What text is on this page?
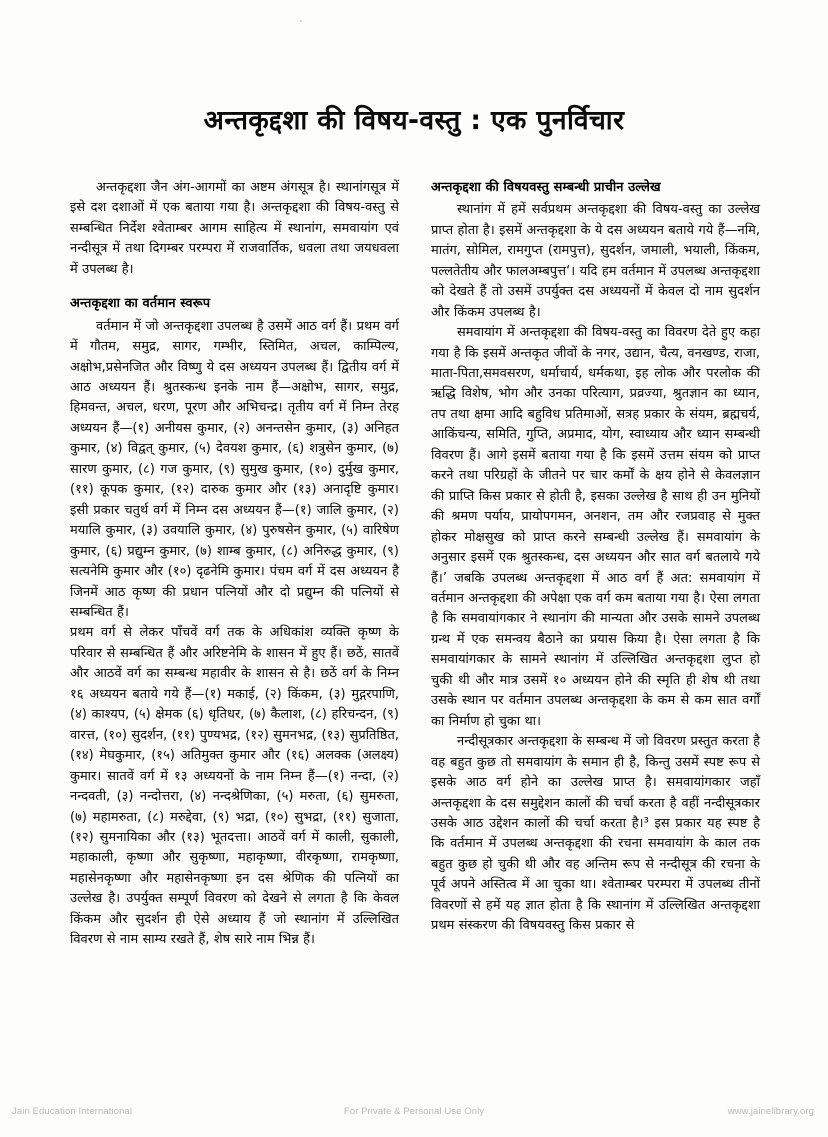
अन्तकृद्दशा की विषय-वस्तु : एक पुनर्विचार

अन्तकृद्दशा जैन अंग-आगमों का अष्टम अंगसूत्र है। स्थानांगसूत्र में इसे दश दशाओं में एक बताया गया है। अन्तकृद्दशा की विषय-वस्तु से सम्बन्धित निर्देश श्वेताम्बर आगम साहित्य में स्थानांग, समवायांग एवं नन्दीसूत्र में तथा दिगम्बर परम्परा में राजवार्तिक, धवला तथा जयधवला में उपलब्ध है।

अन्तकृद्दशा का वर्तमान स्वरूप

वर्तमान में जो अन्तकृद्दशा उपलब्ध है उसमें आठ वर्ग हैं। प्रथम वर्ग में गौतम, समुद्र, सागर, गम्भीर, स्तिमित, अचल, काम्पिल्य, अक्षोभ,प्रसेनजित और विष्णु ये दस अध्ययन उपलब्ध हैं। द्वितीय वर्ग में आठ अध्ययन हैं। श्रुतस्कन्ध इनके नाम हैं—अक्षोभ, सागर, समुद्र, हिमवन्त, अचल, धरण, पूरण और अभिचन्द्र। तृतीय वर्ग में निम्न तेरह अध्ययन हैं—(१) अनीयस कुमार, (२) अनन्तसेन कुमार, (३) अनिहत कुमार, (४) विद्वत् कुमार, (५) देवयश कुमार, (६) शत्रुसेन कुमार, (७) सारण कुमार, (८) गज कुमार, (९) सुमुख कुमार, (१०) दुर्मुख कुमार, (११) कूपक कुमार, (१२) दारुक कुमार और (१३) अनादृष्टि कुमार। इसी प्रकार चतुर्थ वर्ग में निम्न दस अध्ययन हैं—(१) जालि कुमार, (२) मयालि कुमार, (३) उवयालि कुमार, (४) पुरुषसेन कुमार, (५) वारिषेण कुमार, (६) प्रद्युम्न कुमार, (७) शाम्ब कुमार, (८) अनिरुद्ध कुमार, (९) सत्यनेमि कुमार और (१०) दृढनेमि कुमार। पंचम वर्ग में दस अध्ययन है जिनमें आठ कृष्ण की प्रधान पत्नियों और दो प्रद्युम्न की पत्नियों से सम्बन्धित हैं।

प्रथम वर्ग से लेकर पाँचवें वर्ग तक के अधिकांश व्यक्ति कृष्ण के परिवार से सम्बन्धित हैं और अरिष्टनेमि के शासन में हुए हैं। छठें, सातवें और आठवें वर्ग का सम्बन्ध महावीर के शासन से है। छठें वर्ग के निम्न १६ अध्ययन बताये गये हैं—(१) मकाई, (२) किंकम, (३) मुद्गरपाणि, (४) काश्यप, (५) क्षेमक (६) धृतिधर, (७) कैलाश, (८) हरिचन्दन, (९) वारत्त, (१०) सुदर्शन, (११) पुण्यभद्र, (१२) सुमनभद्र, (१३) सुप्रतिष्ठित, (१४) मेघकुमार, (१५) अतिमुक्त कुमार और (१६) अलक्क (अलक्ष्य) कुमार। सातवें वर्ग में १३ अध्ययनों के नाम निम्न हैं—(१) नन्दा, (२) नन्दवती, (३) नन्दोत्तरा, (४) नन्दश्रेणिका, (५) मरुता, (६) सुमरुता, (७) महामरुता, (८) मरुद्देवा, (९) भद्रा, (१०) सुभद्रा, (११) सुजाता, (१२) सुमनायिका और (१३) भूतदत्ता। आठवें वर्ग में काली, सुकाली, महाकाली, कृष्णा और सुकृष्णा, महाकृष्णा, वीरकृष्णा, रामकृष्णा, महासेनकृष्णा और महासेनकृष्णा इन दस श्रेणिक की पत्नियों का उल्लेख है। उपर्युक्त सम्पूर्ण विवरण को देखने से लगता है कि केवल किंकम और सुदर्शन ही ऐसे अध्याय हैं जो स्थानांग में उल्लिखित विवरण से नाम साम्य रखते हैं, शेष सारे नाम भिन्न हैं।

अन्तकृद्दशा की विषयवस्तु सम्बन्धी प्राचीन उल्लेख

स्थानांग में हमें सर्वप्रथम अन्तकृद्दशा की विषय-वस्तु का उल्लेख प्राप्त होता है। इसमें अन्तकृद्दशा के ये दस अध्ययन बताये गये हैं—नमि, मातंग, सोमिल, रामगुप्त (रामपुत्त), सुदर्शन, जमाली, भयाली, किंकम, पल्लतेतीय और फालअम्बपुत्त‘। यदि हम वर्तमान में उपलब्ध अन्तकृद्दशा को देखते हैं तो उसमें उपर्युक्त दस अध्ययनों में केवल दो नाम सुदर्शन और किंकम उपलब्ध है।

समवायांग में अन्तकृद्दशा की विषय-वस्तु का विवरण देते हुए कहा गया है कि इसमें अन्तकृत जीवों के नगर, उद्यान, चैत्य, वनखण्ड, राजा, माता-पिता,समवसरण, धर्माचार्य, धर्मकथा, इह लोक और परलोक की ऋद्धि विशेष, भोग और उनका परित्याग, प्रव्रज्या, श्रुतज्ञान का ध्यान, तप तथा क्षमा आदि बहुविध प्रतिमाओं, सत्रह प्रकार के संयम, ब्रह्मचर्य, आकिंचन्य, समिति, गुप्ति, अप्रमाद, योग, स्वाध्याय और ध्यान सम्बन्धी विवरण हैं। आगे इसमें बताया गया है कि इसमें उत्तम संयम को प्राप्त करने तथा परिग्रहों के जीतने पर चार कर्मों के क्षय होने से केवलज्ञान की प्राप्ति किस प्रकार से होती है, इसका उल्लेख है साथ ही उन मुनियों की श्रमण पर्याय, प्रायोपगमन, अनशन, तम और रजप्रवाह से मुक्त होकर मोक्षसुख को प्राप्त करने सम्बन्धी उल्लेख हैं। समवायांग के अनुसार इसमें एक श्रुतस्कन्ध, दस अध्ययन और सात वर्ग बतलाये गये हैं।’ जबकि उपलब्ध अन्तकृद्दशा में आठ वर्ग हैं अत: समवायांग में वर्तमान अन्तकृद्दशा की अपेक्षा एक वर्ग कम बताया गया है। ऐसा लगता है कि समवायांगकार ने स्थानांग की मान्यता और उसके सामने उपलब्ध ग्रन्थ में एक समन्वय बैठाने का प्रयास किया है। ऐसा लगता है कि समवायांगकार के सामने स्थानांग में उल्लिखित अन्तकृद्दशा लुप्त हो चुकी थी और मात्र उसमें १० अध्ययन होने की स्मृति ही शेष थी तथा उसके स्थान पर वर्तमान उपलब्ध अन्तकृद्दशा के कम से कम सात वर्गों का निर्माण हो चुका था।

नन्दीसूत्रकार अन्तकृद्दशा के सम्बन्ध में जो विवरण प्रस्तुत करता है वह बहुत कुछ तो समवायांग के समान ही है, किन्तु उसमें स्पष्ट रूप से इसके आठ वर्ग होने का उल्लेख प्राप्त है। समवायांगकार जहाँ अन्तकृद्दशा के दस समुद्देशन कालों की चर्चा करता है वहीं नन्दीसूत्रकार उसके आठ उद्देशन कालों की चर्चा करता है।³ इस प्रकार यह स्पष्ट है कि वर्तमान में उपलब्ध अन्तकृद्दशा की रचना समवायांग के काल तक बहुत कुछ हो चुकी थी और वह अन्तिम रूप से नन्दीसूत्र की रचना के पूर्व अपने अस्तित्व में आ चुका था। श्वेताम्बर परम्परा में उपलब्ध तीनों विवरणों से हमें यह ज्ञात होता है कि स्थानांग में उल्लिखित अन्तकृद्दशा प्रथम संस्करण की विषयवस्तु किस प्रकार से

Jain Education International	For Private & Personal Use Only	www.jainelibrary.org
